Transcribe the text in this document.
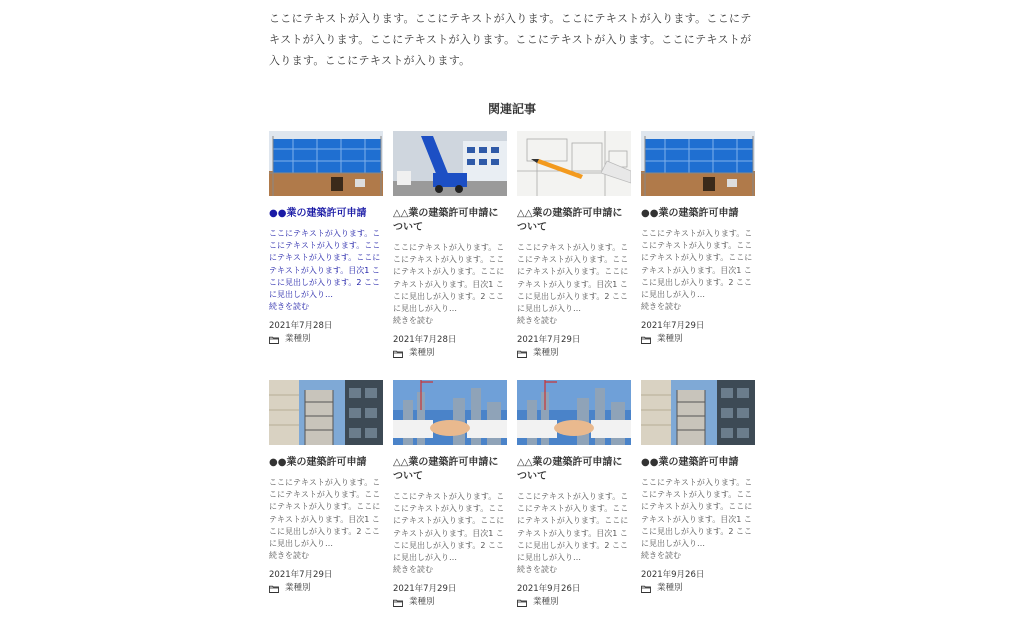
ここにテキストが入ります。ここにテキストが入ります。ここにテキストが入ります。ここにテキストが入ります。ここにテキストが入ります。ここにテキストが入ります。ここにテキストが入ります。ここにテキストが入ります。

関連記事
●●業の建築許可申請
ここにテキストが入ります。ここにテキストが入ります。ここにテキストが入ります。ここにテキストが入ります。目次1 ここに見出しが入ります。2 ここに見出しが入り…
続きを読む
2021年7月28日
業種別
△△業の建築許可申請について
ここにテキストが入ります。ここにテキストが入ります。ここにテキストが入ります。ここにテキストが入ります。目次1 ここに見出しが入ります。2 ここに見出しが入り…
続きを読む
2021年7月28日
業種別
△△業の建築許可申請について
ここにテキストが入ります。ここにテキストが入ります。ここにテキストが入ります。ここにテキストが入ります。目次1 ここに見出しが入ります。2 ここに見出しが入り…
続きを読む
2021年7月29日
業種別
●●業の建築許可申請
ここにテキストが入ります。ここにテキストが入ります。ここにテキストが入ります。ここにテキストが入ります。目次1 ここに見出しが入ります。2 ここに見出しが入り…
続きを読む
2021年7月29日
業種別
●●業の建築許可申請
ここにテキストが入ります。ここにテキストが入ります。ここにテキストが入ります。ここにテキストが入ります。目次1 ここに見出しが入ります。2 ここに見出しが入り…
続きを読む
2021年7月29日
業種別
△△業の建築許可申請について
ここにテキストが入ります。ここにテキストが入ります。ここにテキストが入ります。ここにテキストが入ります。目次1 ここに見出しが入ります。2 ここに見出しが入り…
続きを読む
2021年7月29日
業種別
△△業の建築許可申請について
ここにテキストが入ります。ここにテキストが入ります。ここにテキストが入ります。ここにテキストが入ります。目次1 ここに見出しが入ります。2 ここに見出しが入り…
続きを読む
2021年9月26日
業種別
●●業の建築許可申請
ここにテキストが入ります。ここにテキストが入ります。ここにテキストが入ります。ここにテキストが入ります。目次1 ここに見出しが入ります。2 ここに見出しが入り…
続きを読む
2021年9月26日
業種別
